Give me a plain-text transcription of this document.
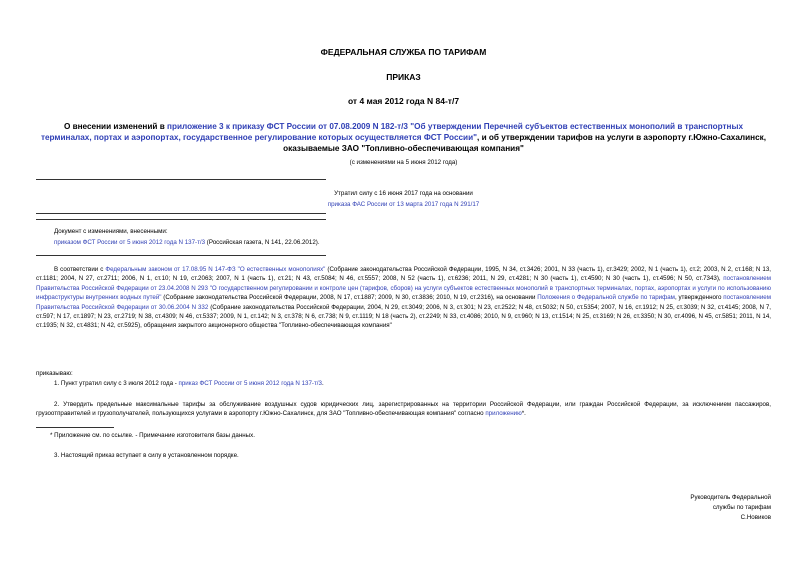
ФЕДЕРАЛЬНАЯ СЛУЖБА ПО ТАРИФАМ
ПРИКАЗ
от 4 мая 2012 года N 84-т/7
О внесении изменений в приложение 3 к приказу ФСТ России от 07.08.2009 N 182-т/3 "Об утверждении Перечней субъектов естественных монополий в транспортных терминалах, портах и аэропортах, государственное регулирование которых осуществляется ФСТ России", и об утверждении тарифов на услуги в аэропорту г.Южно-Сахалинск, оказываемые ЗАО "Топливно-обеспечивающая компания"
(с изменениями на 5 июня 2012 года)
Утратил силу с 16 июня 2017 года на основании
приказа ФАС России от 13 марта 2017 года N 291/17
Документ с изменениями, внесенными:
приказом ФСТ России от 5 июня 2012 года N 137-т/3 (Российская газета, N 141, 22.06.2012).
В соответствии с Федеральным законом от 17.08.95 N 147-ФЗ "О естественных монополиях" (Собрание законодательства Российской Федерации, 1995, N 34, ст.3426; 2001, N 33 (часть 1), ст.3429; 2002, N 1 (часть 1), ст.2; 2003, N 2, ст.168; N 13, ст.1181; 2004, N 27, ст.2711; 2006, N 1, ст.10; N 19, ст.2063; 2007, N 1 (часть 1), ст.21; N 43, ст.5084; N 46, ст.5557; 2008, N 52 (часть 1), ст.6236; 2011, N 29, ст.4281; N 30 (часть 1), ст.4590; N 30 (часть 1), ст.4596; N 50, ст.7343), постановлением Правительства Российской Федерации от 23.04.2008 N 293 "О государственном регулировании и контроле цен (тарифов, сборов) на услуги субъектов естественных монополий в транспортных терминалах, портах, аэропортах и услуги по использованию инфраструктуры внутренних водных путей" (Собрание законодательства Российской Федерации, 2008, N 17, ст.1887; 2009, N 30, ст.3836; 2010, N 19, ст.2316), на основании Положения о Федеральной службе по тарифам, утвержденного постановлением Правительства Российской Федерации от 30.06.2004 N 332 (Собрание законодательства Российской Федерации, 2004, N 29, ст.3049; 2006, N 3, ст.301; N 23, ст.2522; N 48, ст.5032; N 50, ст.5354; 2007, N 16, ст.1912; N 25, ст.3039; N 32, ст.4145; 2008, N 7, ст.597; N 17, ст.1897; N 23, ст.2719; N 38, ст.4309; N 46, ст.5337; 2009, N 1, ст.142; N 3, ст.378; N 6, ст.738; N 9, ст.1119; N 18 (часть 2), ст.2249; N 33, ст.4086; 2010, N 9, ст.960; N 13, ст.1514; N 25, ст.3169; N 26, ст.3350; N 30, ст.4096, N 45, ст.5851; 2011, N 14, ст.1935; N 32, ст.4831; N 42, ст.5925), обращения закрытого акционерного общества "Топливно-обеспечивающая компания"
приказываю:
1. Пункт утратил силу с 3 июля 2012 года - приказ ФСТ России от 5 июня 2012 года N 137-т/3.
2. Утвердить предельные максимальные тарифы за обслуживание воздушных судов юридических лиц, зарегистрированных на территории Российской Федерации, или граждан Российской Федерации, за исключением пассажиров, грузоотправителей и грузополучателей, пользующихся услугами в аэропорту г.Южно-Сахалинск, для ЗАО "Топливно-обеспечивающая компания" согласно приложению*.
* Приложение см. по ссылке. - Примечание изготовителя базы данных.
3. Настоящий приказ вступает в силу в установленном порядке.
Руководитель Федеральной
службы по тарифам
С.Новиков
